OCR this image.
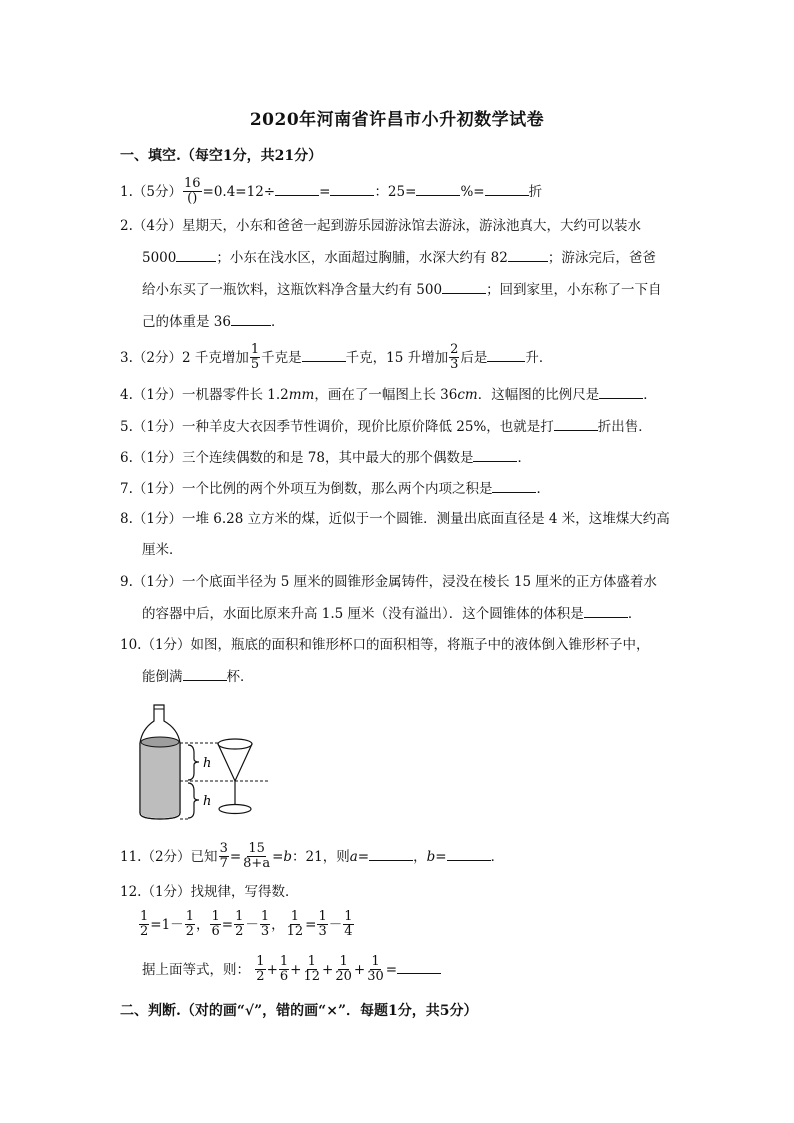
2020年河南省许昌市小升初数学试卷
一、填空.（每空1分，共21分）
1.（5分） $\frac{16}{()} =0.4=12\div$	=	：25=	%=	折
2.（4分）星期天，小东和爸爸一起到游乐园游泳馆去游泳，游泳池真大，大约可以装水
5000	；小东在浅水区，水面超过胸脯，水深大约有 82	；游泳完后，爸爸
给小东买了一瓶饮料，这瓶饮料净含量大约有 500	；回到家里，小东称了一下自
己的体重是 36	．
3.（2分）2 千克增加 $\frac{1}{5}$ 千克是	千克，15 升增加 $\frac{2}{3}$ 后是	升．
4.（1分）一机器零件长 1.2mm，画在了一幅图上长 36cm．这幅图的比例尺是	．
5.（1分）一种羊皮大衣因季节性调价，现价比原价降低 25%，也就是打	折出售．
6.（1分）三个连续偶数的和是 78，其中最大的那个偶数是	．
7.（1分）一个比例的两个外项互为倒数，那么两个内项之积是	．
8.（1分）一堆 6.28 立方米的煤，近似于一个圆锥．测量出底面直径是 4 米，这堆煤大约高
厘米．
9.（1分）一个底面半径为 5 厘米的圆锥形金属铸件，浸没在棱长 15 厘米的正方体盛着水
的容器中后，水面比原来升高 1.5 厘米（没有溢出）．这个圆锥体的体积是	．
10.（1分）如图，瓶底的面积和锥形杯口的面积相等，将瓶子中的液体倒入锥形杯子中，
能倒满	杯．
h
h
11.（2分）已知 $\frac{3}{7} = \frac{15}{8+a} =b$：21，则a=	，b=	．
12.（1分）找规律，写得数．
$\frac{1}{2} =1- \frac{1}{2}$ ， $\frac{1}{6} = \frac{1}{2} - \frac{1}{3}$ ， $\frac{1}{12} = \frac{1}{3} - \frac{1}{4}$
据上面等式，则： $\frac{1}{2} + \frac{1}{6} + \frac{1}{12} + \frac{1}{20} + \frac{1}{30}$ =
二、判断.（对的画“√”，错的画“×”．每题1分，共5分）
